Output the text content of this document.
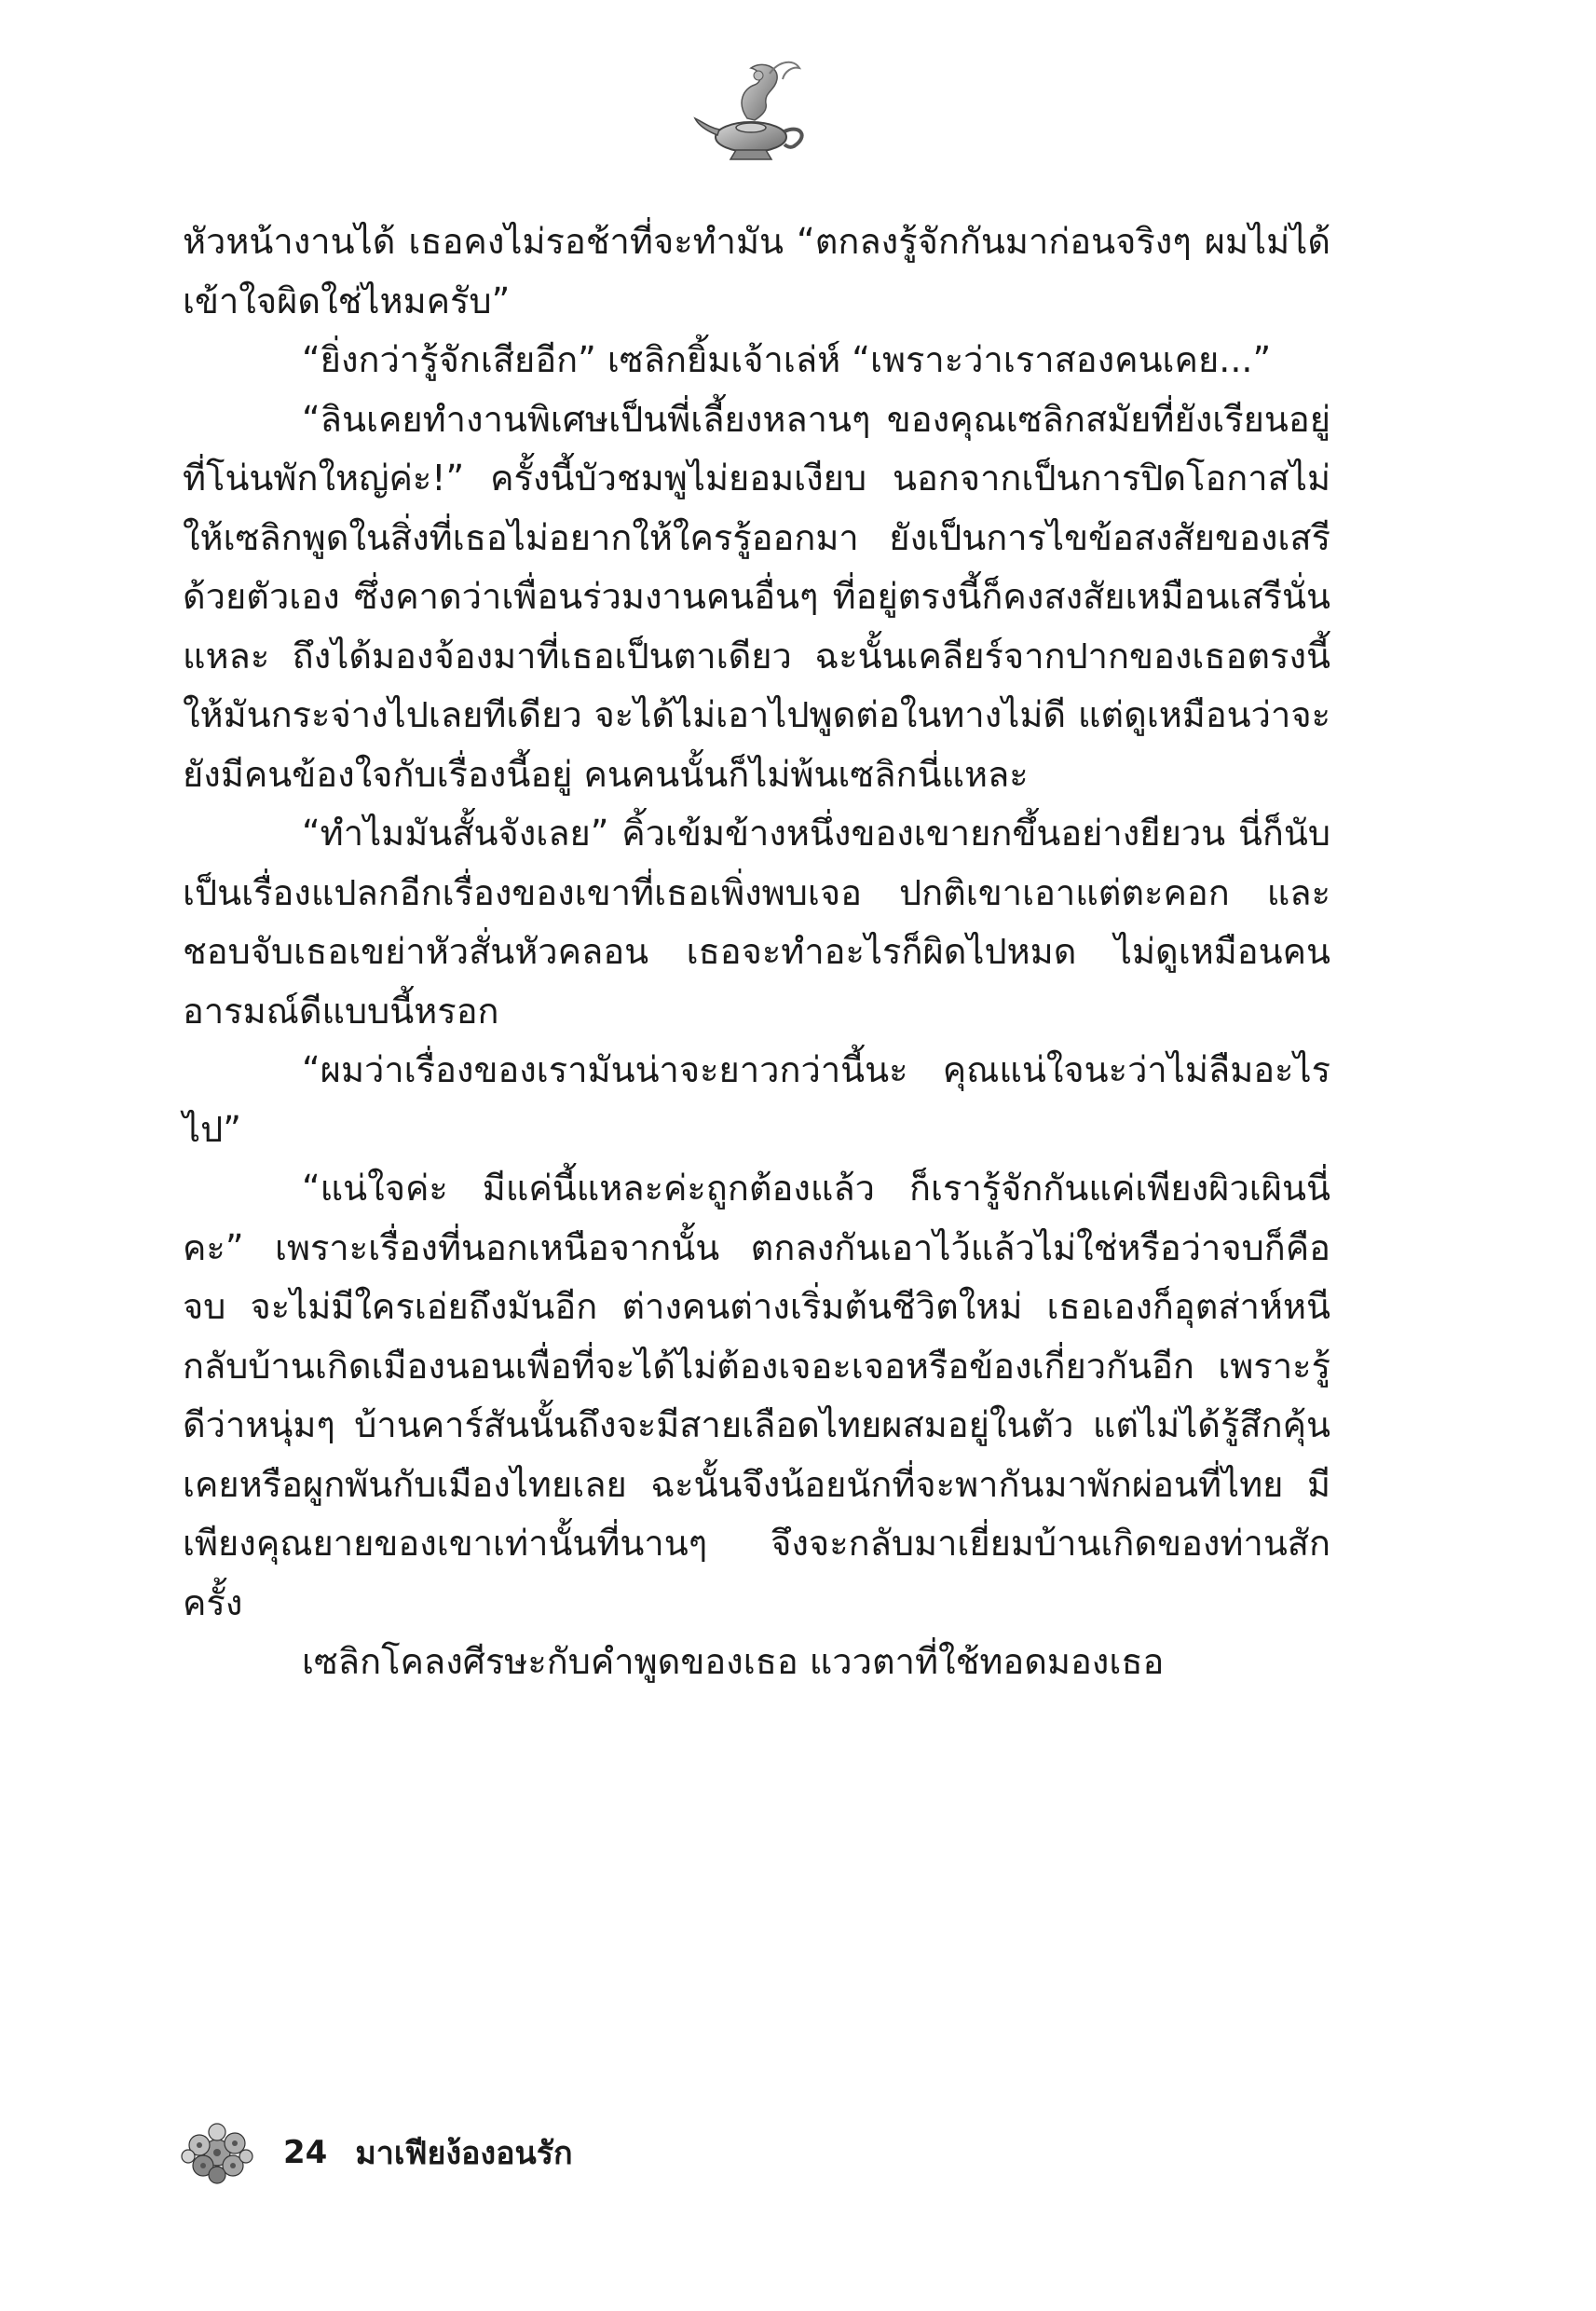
หัวหน้างานได้ เธอคงไม่รอช้าที่จะทำมัน “ตกลงรู้จักกันมาก่อนจริงๆ ผมไม่ได้เข้าใจผิดใช่ไหมครับ”

“ยิ่งกว่ารู้จักเสียอีก” เซลิกยิ้มเจ้าเล่ห์ “เพราะว่าเราสองคนเคย...”

“ลินเคยทำงานพิเศษเป็นพี่เลี้ยงหลานๆ ของคุณเซลิกสมัยที่ยังเรียนอยู่ที่โน่นพักใหญ่ค่ะ!” ครั้งนี้บัวชมพูไม่ยอมเงียบ นอกจากเป็นการปิดโอกาสไม่ให้เซลิกพูดในสิ่งที่เธอไม่อยากให้ใครรู้ออกมา ยังเป็นการไขข้อสงสัยของเสรีด้วยตัวเอง ซึ่งคาดว่าเพื่อนร่วมงานคนอื่นๆ ที่อยู่ตรงนี้ก็คงสงสัยเหมือนเสรีนั่นแหละ ถึงได้มองจ้องมาที่เธอเป็นตาเดียว ฉะนั้นเคลียร์จากปากของเธอตรงนี้ให้มันกระจ่างไปเลยทีเดียว จะได้ไม่เอาไปพูดต่อในทางไม่ดี แต่ดูเหมือนว่าจะยังมีคนข้องใจกับเรื่องนี้อยู่ คนคนนั้นก็ไม่พ้นเซลิกนี่แหละ

“ทำไมมันสั้นจังเลย” คิ้วเข้มข้างหนึ่งของเขายกขึ้นอย่างยียวน นี่ก็นับเป็นเรื่องแปลกอีกเรื่องของเขาที่เธอเพิ่งพบเจอ ปกติเขาเอาแต่ตะคอก และชอบจับเธอเขย่าหัวสั่นหัวคลอน เธอจะทำอะไรก็ผิดไปหมด ไม่ดูเหมือนคนอารมณ์ดีแบบนี้หรอก

“ผมว่าเรื่องของเรามันน่าจะยาวกว่านี้นะ คุณแน่ใจนะว่าไม่ลืมอะไรไป”

“แน่ใจค่ะ มีแค่นี้แหละค่ะถูกต้องแล้ว ก็เรารู้จักกันแค่เพียงผิวเผินนี่คะ” เพราะเรื่องที่นอกเหนือจากนั้น ตกลงกันเอาไว้แล้วไม่ใช่หรือว่าจบก็คือจบ จะไม่มีใครเอ่ยถึงมันอีก ต่างคนต่างเริ่มต้นชีวิตใหม่ เธอเองก็อุตส่าห์หนีกลับบ้านเกิดเมืองนอนเพื่อที่จะได้ไม่ต้องเจอะเจอหรือข้องเกี่ยวกันอีก เพราะรู้ดีว่าหนุ่มๆ บ้านคาร์สันนั้นถึงจะมีสายเลือดไทยผสมอยู่ในตัว แต่ไม่ได้รู้สึกคุ้นเคยหรือผูกพันกับเมืองไทยเลย ฉะนั้นจึงน้อยนักที่จะพากันมาพักผ่อนที่ไทย มีเพียงคุณยายของเขาเท่านั้นที่นานๆ จึงจะกลับมาเยี่ยมบ้านเกิดของท่านสักครั้ง

เซลิกโคลงศีรษะกับคำพูดของเธอ แววตาที่ใช้ทอดมองเธอ

24 มาเฟียง้องอนรัก
